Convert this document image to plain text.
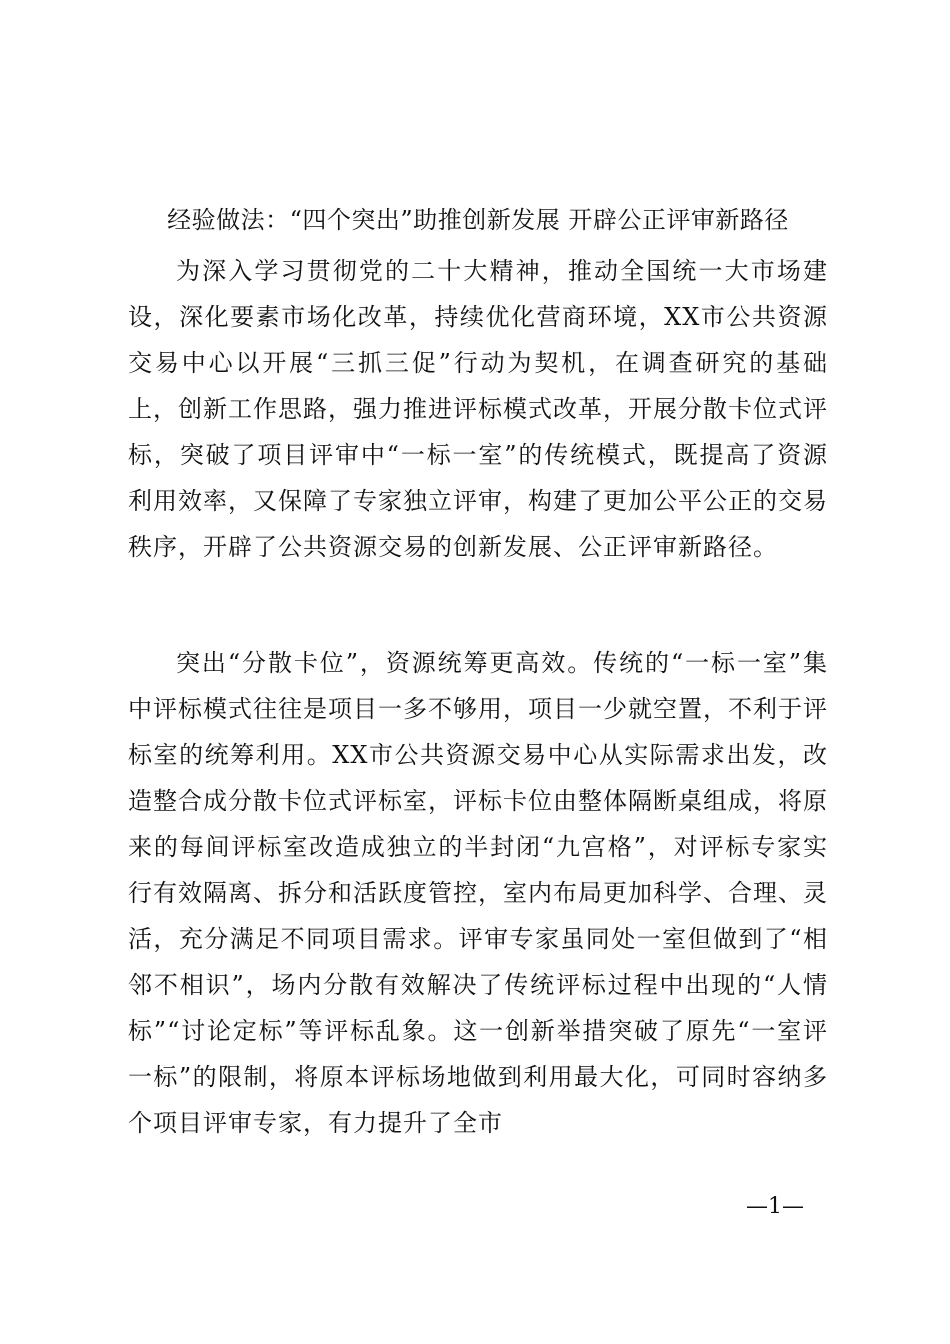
经验做法：“四个突出”助推创新发展 开辟公正评审新路径

为深入学习贯彻党的二十大精神，推动全国统一大市场建设，深化要素市场化改革，持续优化营商环境，XX市公共资源交易中心以开展“三抓三促”行动为契机，在调查研究的基础上，创新工作思路，强力推进评标模式改革，开展分散卡位式评标，突破了项目评审中“一标一室”的传统模式，既提高了资源利用效率，又保障了专家独立评审，构建了更加公平公正的交易秩序，开辟了公共资源交易的创新发展、公正评审新路径。

突出“分散卡位”，资源统筹更高效。传统的“一标一室”集中评标模式往往是项目一多不够用，项目一少就空置，不利于评标室的统筹利用。XX市公共资源交易中心从实际需求出发，改造整合成分散卡位式评标室，评标卡位由整体隔断桌组成，将原来的每间评标室改造成独立的半封闭“九宫格”，对评标专家实行有效隔离、拆分和活跃度管控，室内布局更加科学、合理、灵活，充分满足不同项目需求。评审专家虽同处一室但做到了“相邻不相识”，场内分散有效解决了传统评标过程中出现的“人情标”“讨论定标”等评标乱象。这一创新举措突破了原先“一室评一标”的限制，将原本评标场地做到利用最大化，可同时容纳多个项目评审专家，有力提升了全市

—1—
